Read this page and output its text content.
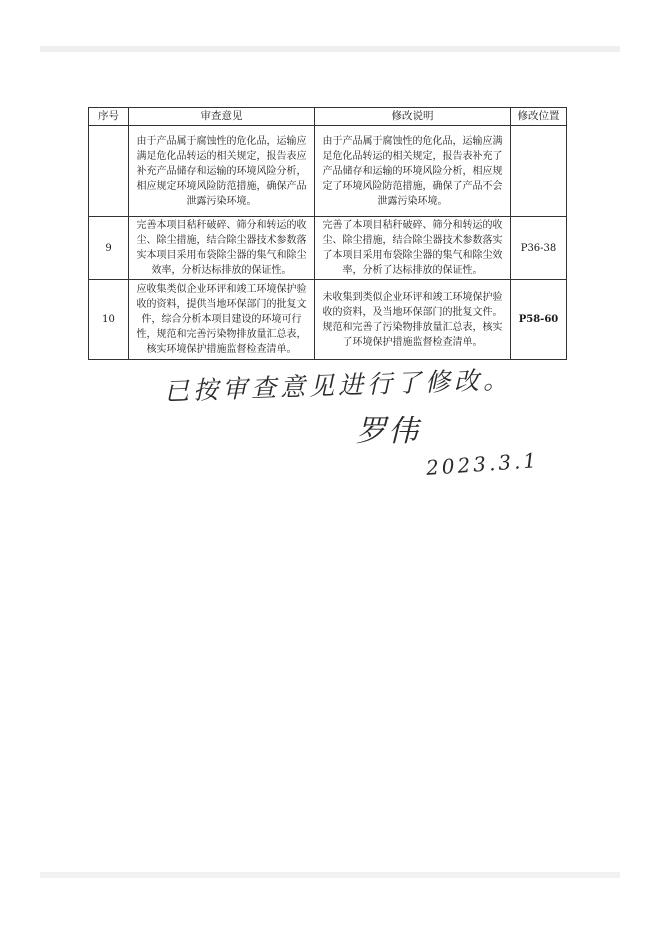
序号	审查意见	修改说明	修改位置
	由于产品属于腐蚀性的危化品，运输应满足危化品转运的相关规定，报告表应补充产品储存和运输的环境风险分析，相应规定环境风险防范措施，确保产品泄露污染环境。	由于产品属于腐蚀性的危化品，运输应满足危化品转运的相关规定，报告表补充了产品储存和运输的环境风险分析，相应规定了环境风险防范措施，确保了产品不会泄露污染环境。	
9	完善本项目秸秆破碎、筛分和转运的收尘、除尘措施，结合除尘器技术参数落实本项目采用布袋除尘器的集气和除尘效率，分析达标排放的保证性。	完善了本项目秸秆破碎、筛分和转运的收尘、除尘措施，结合除尘器技术参数落实了本项目采用布袋除尘器的集气和除尘效率，分析了达标排放的保证性。	P36-38
10	应收集类似企业环评和竣工环境保护验收的资料，提供当地环保部门的批复文件，综合分析本项目建设的环境可行性，规范和完善污染物排放量汇总表，核实环境保护措施监督检查清单。	未收集到类似企业环评和竣工环境保护验收的资料，及当地环保部门的批复文件。规范和完善了污染物排放量汇总表，核实了环境保护措施监督检查清单。	P58-60
已按审查意见进行了修改。
罗伟
2023.3.1
